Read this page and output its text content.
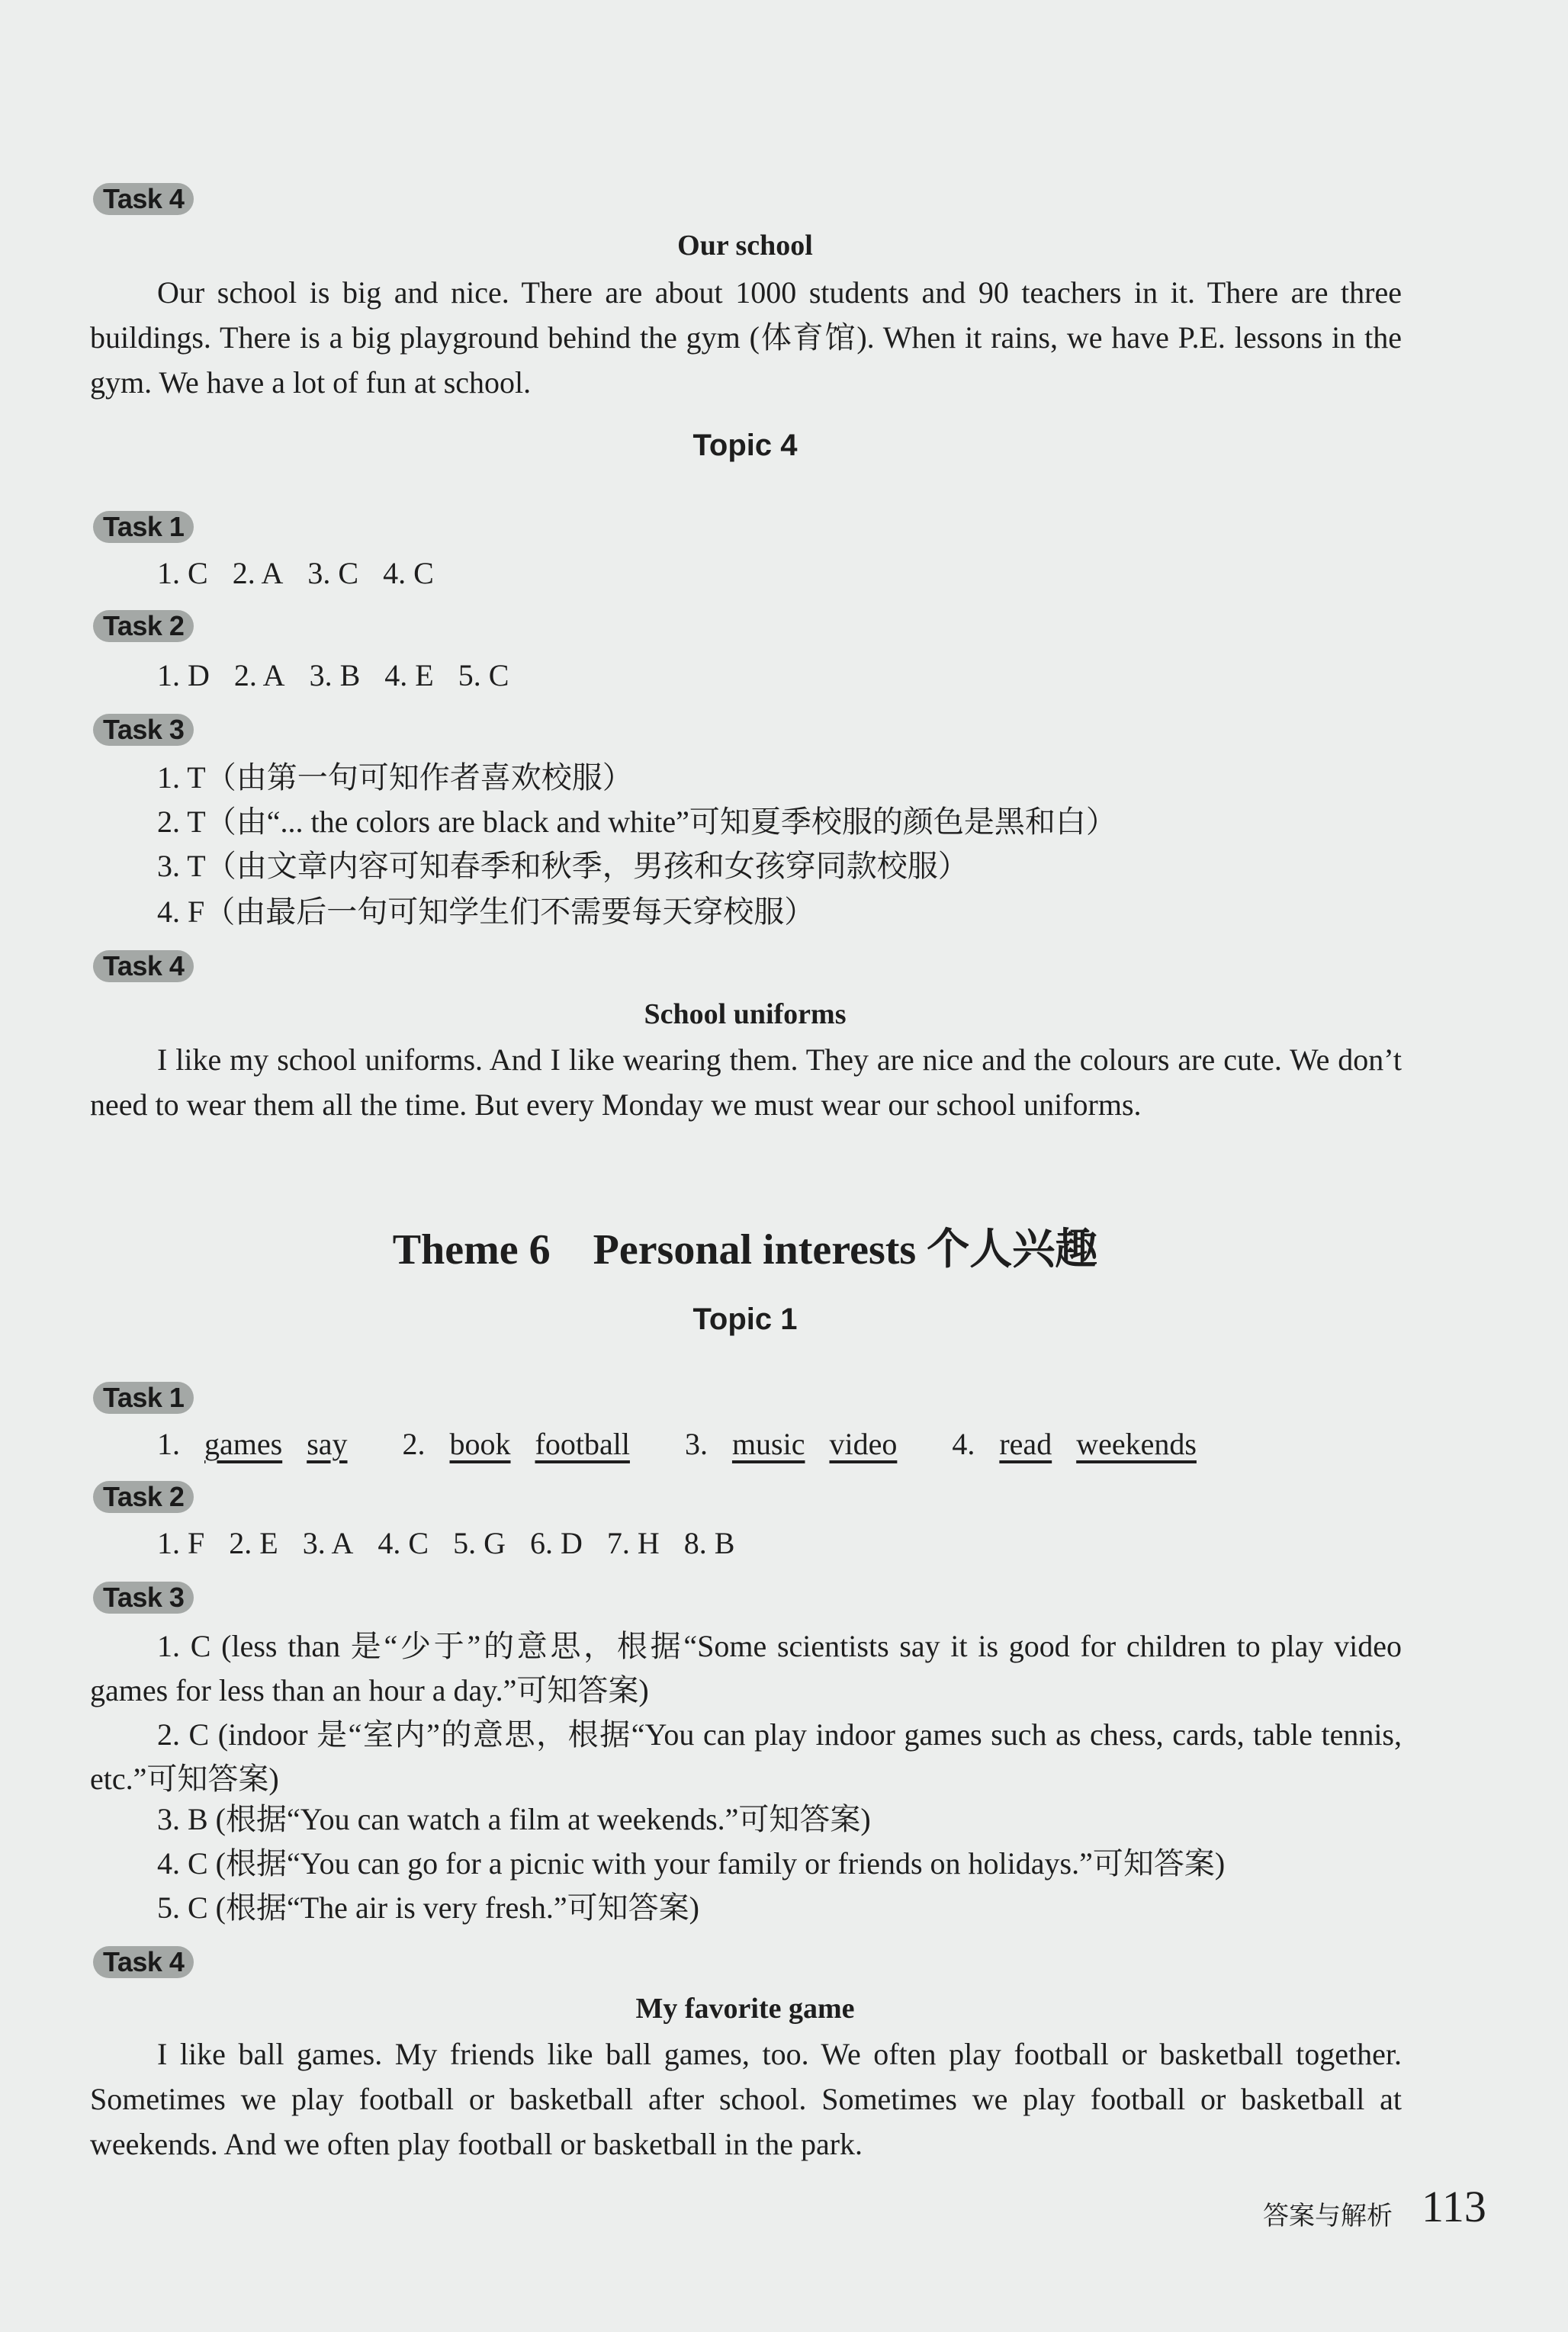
Task 4
Our school
Our school is big and nice. There are about 1000 students and 90 teachers in it. There are three buildings. There is a big playground behind the gym (体育馆). When it rains, we have P.E. lessons in the gym. We have a lot of fun at school.
Topic 4
Task 1
1. C 2. A 3. C 4. C
Task 2
1. D 2. A 3. B 4. E 5. C
Task 3
1. T（由第一句可知作者喜欢校服）
2. T（由“... the colors are black and white”可知夏季校服的颜色是黑和白）
3. T（由文章内容可知春季和秋季，男孩和女孩穿同款校服）
4. F（由最后一句可知学生们不需要每天穿校服）
Task 4
School uniforms
I like my school uniforms. And I like wearing them. They are nice and the colours are cute. We don’t need to wear them all the time. But every Monday we must wear our school uniforms.
Theme 6　Personal interests 个人兴趣
Topic 1
Task 1
1. games say 2. book football 3. music video 4. read weekends
Task 2
1. F 2. E 3. A 4. C 5. G 6. D 7. H 8. B
Task 3
1. C (less than 是“少于”的意思，根据“Some scientists say it is good for children to play video games for less than an hour a day.”可知答案)
2. C (indoor 是“室内”的意思，根据“You can play indoor games such as chess, cards, table tennis, etc.”可知答案)
3. B (根据“You can watch a film at weekends.”可知答案)
4. C (根据“You can go for a picnic with your family or friends on holidays.”可知答案)
5. C (根据“The air is very fresh.”可知答案)
Task 4
My favorite game
I like ball games. My friends like ball games, too. We often play football or basketball together. Sometimes we play football or basketball after school. Sometimes we play football or basketball at weekends. And we often play football or basketball in the park.
答案与解析 113
